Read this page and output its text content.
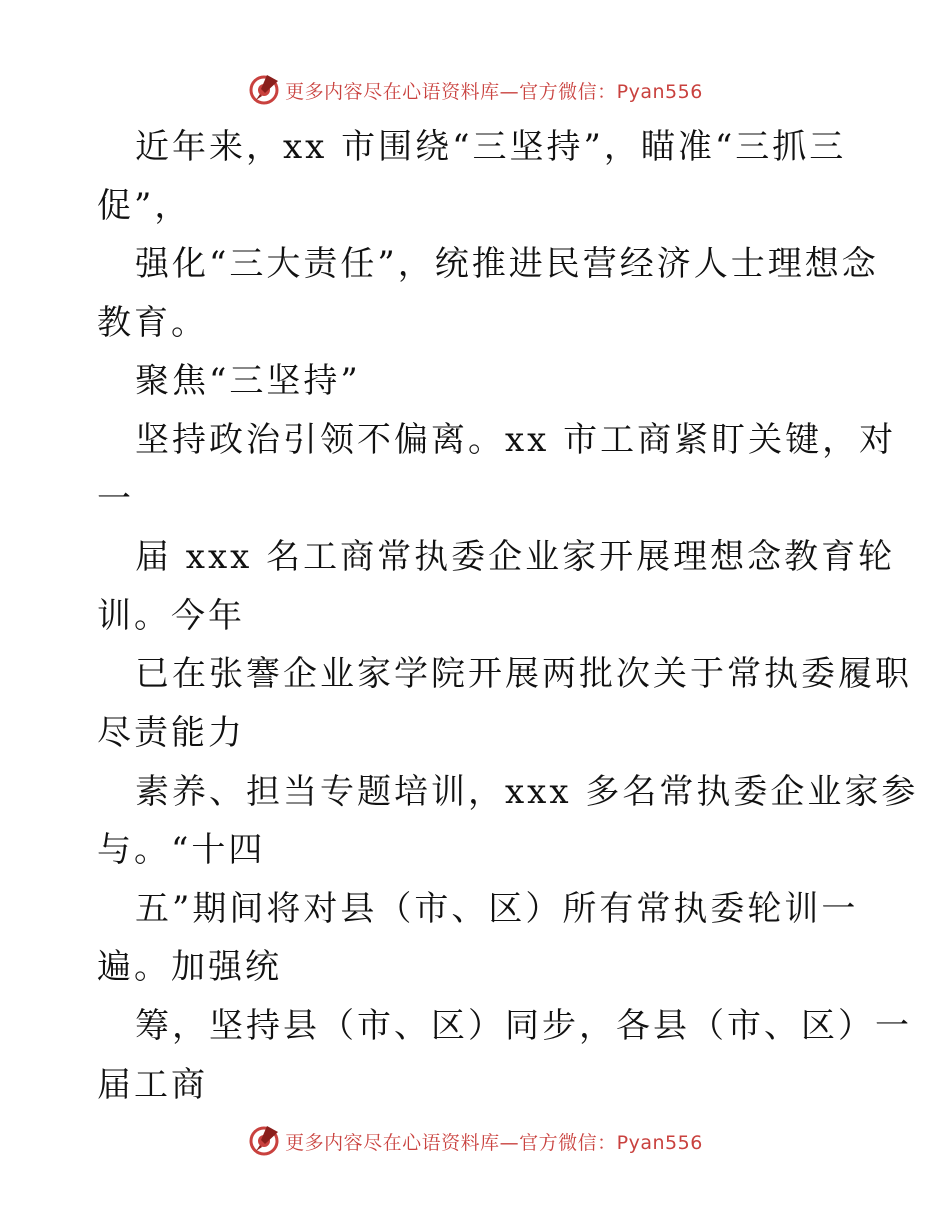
更多内容尽在心语资料库—官方微信：Pyan556
近年来，xx 市围绕“三坚持”，瞄准“三抓三
促”，
强化“三大责任”，统推进民营经济人士理想念
教育。
聚焦“三坚持”
坚持政治引领不偏离。xx 市工商紧盯关键，对
一
届 xxx 名工商常执委企业家开展理想念教育轮
训。今年
已在张謇企业家学院开展两批次关于常执委履职
尽责能力
素养、担当专题培训，xxx 多名常执委企业家参
与。“十四
五”期间将对县（市、区）所有常执委轮训一
遍。加强统
筹，坚持县（市、区）同步，各县（市、区）一
届工商
更多内容尽在心语资料库—官方微信：Pyan556
